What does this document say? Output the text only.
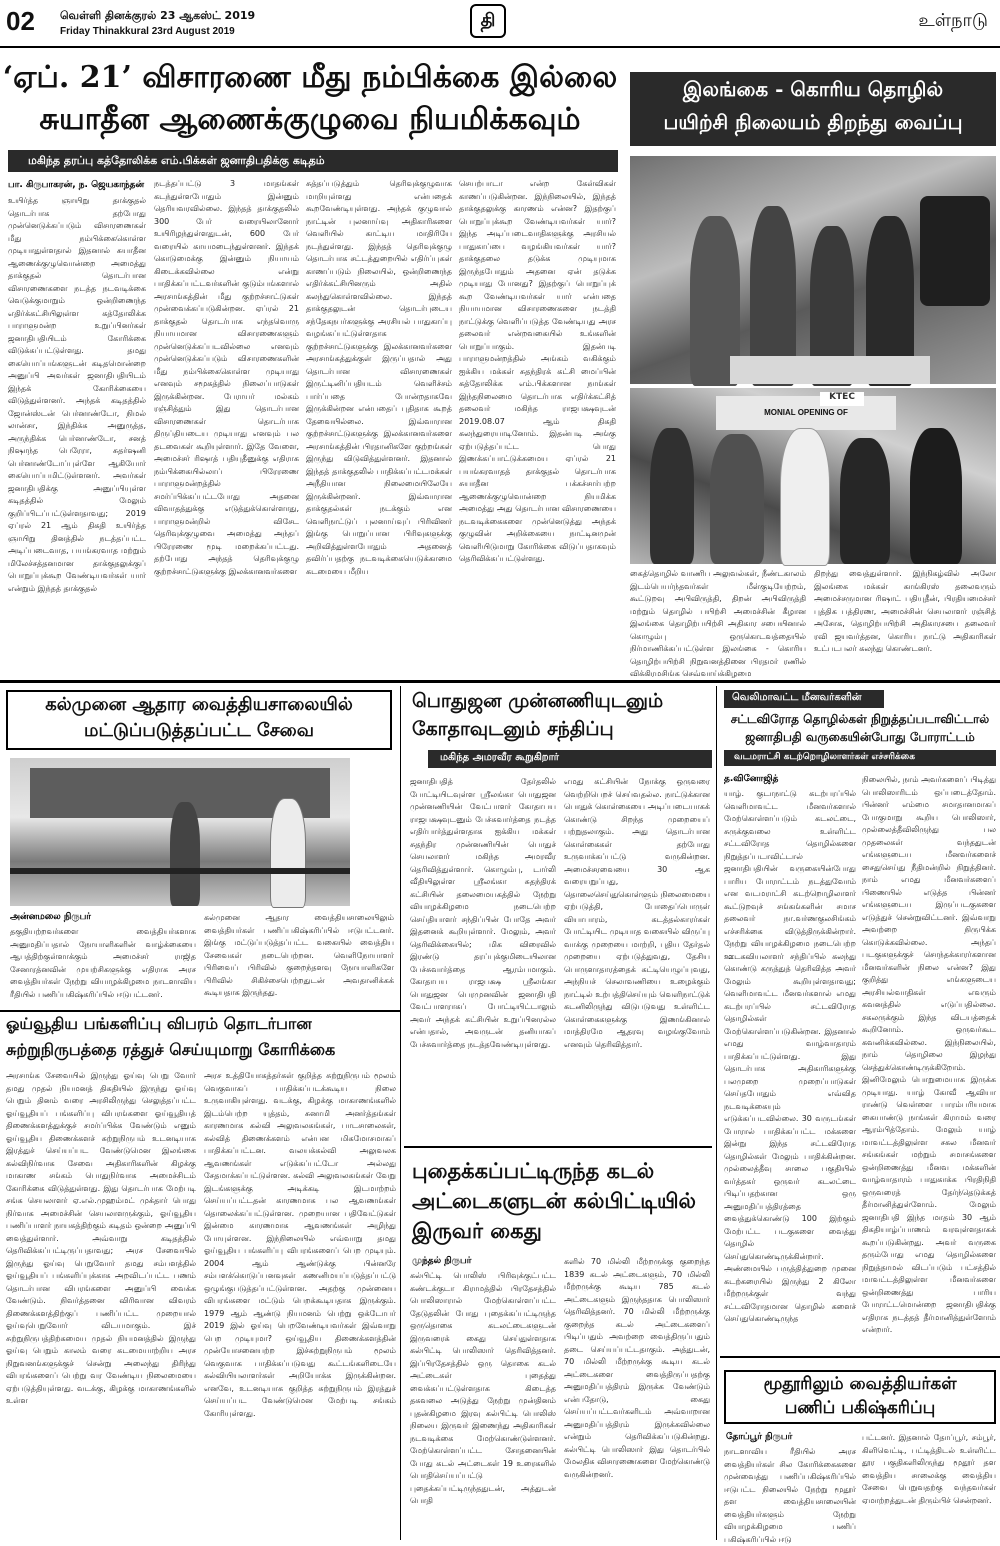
02 வெள்ளி தினக்குரல் 23 ஆகஸ்ட் 2019
Friday Thinakkural 23rd August 2019
தி	உள்நாடு
‘ஏப். 21’ விசாரணை மீது நம்பிக்கை இல்லை
சுயாதீன ஆணைக்குழுவை நியமிக்கவும்
மகிந்த தரப்பு கத்தோலிக்க எம்.பிக்கள் ஜனாதிபதிக்கு கடிதம்
பா. கிருபாகரன், ந. ஜெயகாந்தன்
உயிர்த்த ஞாயிறு தாக்குதல் தொடர்பாக தற்போது முன்னெடுக்கப்படும் விசாரணைகள் மீது நம்பிக்கைகொள்ள முடியாதுள்ளதால் இதனால் சுயாதீன ஆணைக்குழுவொன்றை அமைத்து தாக்குதல் தொடர்பான விசாரணைகளை நடத்த நடவடிக்கை வெடுக்குமாறும் ஒன்றிணைந்த எதிர்க்கட்சியிலுள்ள கத்தோலிக்க பாராளுமன்ற உறுப்பினர்கள் ஜனாதிபதியிடம் கோரிக்கை விடுக்கப்பட்டுள்ளது. தமது கையொப்பங்களுடன் கடிதமொன்றை அனுப்பி அவர்கள் ஜனாதிபதியிடம் இந்தக் கோரிக்கையை விடுத்துள்ளனர். அந்தக் கடிதத்தில் ஜோன்ஸ்டன் பெர்னாண்டோ, நிமல் லான்சா, இந்திக்க அனுருத்த, அருந்திக்க பெர்னாண்டோ, சனத் நிஷாந்த பெரேரா, சுதர்ஷனி பெர்னாண்டோப்புள்ளே ஆகியோர் கையொப்பமிட்டுள்ளனர். அவர்கள் ஜனாதிபதிக்கு அனுப்பியுள்ள கடிதத்தில் மேலும் குறிப்பிடப்பட்டுள்ளதாவது; 2019 ஏப்ரல் 21 ஆம் திகதி உயிர்த்த ஞாயிறு தினத்தில் நடத்தப்பட்ட அடிப்படைவாத, பயங்கரவாத மற்றும் மிலேச்சத்தனமான தாக்குதலுக்குப் பொறுப்புக்கூற வேண்டியவர்கள் யார் என்றும் இந்தத் தாக்குதல்
நடத்தப்பட்டு 3 மாதங்கள் கடந்துள்ளபோதும் இன்னும் தெரியவரவில்லை. இந்தத் தாக்குதலில் 300 பேர் வரையிலானோர் உயிரிழந்துள்ளதுடன், 600 பேர் வரையில் காயமடைந்துள்ளனர். இந்தக் கொடுமைக்கு இன்னும் நியாயம் கிடைக்கவில்லை என்று பாதிக்கப்பட்டவர்களின் குடும்பங்களால் அரசாங்கத்தின் மீது குற்றச்சாட்டுகள் முன்வைக்கப்படுகின்றன. ஏப்ரல் 21 தாக்குதல் தொடர்பாக எந்தவொரு நியாயமான விசாரணைகளும் முன்னெடுக்கப்படவில்லை எனவும் முன்னெடுக்கப்படும் விசாரணைகளின் மீது நம்பிக்கைகொள்ள முடியாது எனவும் சமூகத்தில் நிலைப்பாடுகள் இருக்கின்றன. பேராயர் மல்கம் ரஞ்சித்தும் இது தொடர்பான விசாரணைகள் தொடர்பாக திருப்தியடைய முடியாது எனவும் பல தடவைகள் கூறியுள்ளார். இதே வேளை, அமைச்சர் ரிஷாத் பதியுதீனுக்கு எதிராக நம்பிக்கையில்லாப் பிரேரணை பாராளுமன்றத்தில் சமர்ப்பிக்கப்பட்டபோது அதனை விவாதத்துக்கு எடுத்துக்கொள்ளாது, பாராளுமன்றில் விசேட தெரிவுக்குழுவை அமைத்து அந்தப் பிரேரணை மூடி மறைக்கப்பட்டது. தற்போது அந்தத் தெரிவுக்குழு குற்றச்சாட்டுகளுக்கு இலக்கானவர்களை
சுத்தப்படுத்தும் தெரிவுக்குழுவாக மாறியுள்ளது என்பதைக் கூறவேண்டியுள்ளது. அந்தக் குழுவால் நாட்டின் புலனாய்வு அதிகாரிகளை வெளியில் காட்டிய மாதிரியே நடந்துள்ளது. இந்தத் தெரிவுக்குழு தொடர்பாக சட்டத்துறையில் எதிர்ப்புகள் காணப்படும் நிலையில், ஒன்றிணைந்த எதிர்க்கட்சியினரும் அதில் கலந்துகொள்ளவில்லை. இந்தத் தாக்குதலுடன் தொடர்புடைய சந்தேகநபர்களுக்கு அரசியல் பாதுகாப்பு வழங்கப்பட்டுள்ளதாக குற்றச்சாட்டுகளுக்கு இலக்கானவர்களை அரசாங்கத்துக்குள் இருப்பதால் அது தொடர்பான விசாரணைகள் இருட்டினிப்பதியடம் வெளிச்சம் பார்ப்பதை போன்றதாகவே இருக்கின்றன என்பதைப் புதிதாக கூறத் தேவையில்லை. இவ்வாரான குற்றச்சாட்டுகளுக்கு இலக்கானவர்களை அரசாங்கத்தின் பிரதானிகளே குற்றங்கள் இருந்து விடுவித்துள்ளனர். இதனால் இந்தத் தாக்குதலில் பாதிக்கப்பட்டமக்கள் அநீதியான நிலைமையிலேயே இருக்கின்றனர். இவ்வாரான தாக்குதல்கள் நடக்கும் என வெளிநாட்டுப் புலனாய்வுப் பிரிவினர் இங்கு பொறுப்பான பிரிவுகளுக்கு அறிவித்துள்ளபோதும் அதனைத் தவிர்ப்பதற்கு நடவடிக்கையெடுக்காமை கடமையை மீறிய
செயற்பாடா என்ற கேள்விகள் காணப்படுகின்றன. இந்நிலையில், இந்தத் தாக்குதலுக்கு காரணம் என்ன? இதற்குப் பொறுப்புக்கூற வேண்டியவர்கள் யார்? இந்த அடிப்படைவாதிகளுக்கு அரசியல் பாதுகாப்பை வழங்கியவர்கள் யார்? தாக்குதலை தடுக்க முடியுமாக இருந்தபோதும் அதனை ஏன் தடுக்க முடியாது போனது? இதற்குப் பொறுப்புக் கூற வேண்டியவர்கள் யார் என்பதை நியாயமான விசாரணைகளை நடத்தி நாட்டுக்கு வெளிப்படுத்த வேண்டியது அரச தலைவர் என்றவகையில் உங்களின் பொறுப்பாகும். இதன்படி பாராளுமன்றத்தில் அங்கம் வகிக்கும் ஐக்கிய மக்கள் சுதந்திரக் கட்சி மைப்பின் கத்தோலிக்க எம்.பிக்களான நாங்கள் இந்தநிலைமை தொடர்பாக எதிர்க்கட்சித் தலைவர் மகிந்த ராஜபக்ஷவுடன் 2019.08.07 ஆம் திகதி கலந்துரையாடினோம். இதன்படி அங்கு ஏற்படுத்தப்பட்ட பொது இணக்கப்பாட்டுக்கமைய ஏப்ரல் 21 பயங்கரவாதத் தாக்குதல் தொடர்பாக சுயாதீன பக்கச்சார்பற்ற ஆணைக்குழுவொன்றை நியமிக்க அமைத்து அது தொடர்பான விசாரணையை நடவடிக்கைகளை முன்னெடுத்து அந்தக் குழுவின் அறிக்கையை நாட்டினமுன் வெளியிடுமாறு கோரிக்கை விடுப்பதாகவும் தெரிவிக்கப்பட்டுள்ளது.
இலங்கை - கொரிய தொழில்
பயிற்சி நிலையம் திறந்து வைப்பு
MONIAL OPENING OF
KTEC
கைத்தொழில் வாணிப அலுவல்கள், நீண்டகாலம் இடம்பெயர்ந்தவர்கள் மீள்குடியேற்றம், கூட்டுறவு அபிவிருத்தி, திறன் அபிவிருத்தி மற்றும் தொழில் பயிற்சி அமைச்சின் கீழான இலங்கை தொழிற்பயிற்சி அதிகார சபையினால் கொழும்பு ஒருகொடவத்தையில் நிர்மாணிக்கப்பட்டுள்ள இலங்கை - கொரிய தொழிற்பயிற்சி நிறுவனத்தினை பிரதமர் ரணில் விக்கிரமசிங்க செவ்வாய்க்கிழமை
திறந்து வைத்துள்ளார். இந்நிகழ்வில் அலோ இலங்கை மக்கள் காங்கிரஸ் தலைவரும் அமைச்சருமான ரிஷாட் பதியுதீன், பிரதியமைச்சர் புத்திக பத்திரண, அமைச்சின் செயலாளர் ரஞ்சித் அசோக, தொழிற்பயிற்சி அதிகாரசபை தலைவர் ரவி ஜயவர்த்தன, கொரிய நாட்டு அதிகாரிகள் உட்படபலர் கலந்து கொண்டனர்.
கல்முனை ஆதார வைத்தியசாலையில்
மட்டுப்படுத்தப்பட்ட சேவை
அன்னமலை நிருபர்
தகுதியற்றவர்களை வைத்தியர்களாக அனுமதிப்பதால் நோயாளிகளின் வாழ்க்கையை ஆபத்திற்குள்ளாக்கும் அமைச்சர் ராஜித சேனாரத்னவின் முயற்சிகளுக்கு எதிராக அரச வைத்தியர்கள் நேற்று வியாழக்கிழமை நாடளாவிய ரீதியில் பணிப்பகிஷ்கரிப்பில் ஈடுபட்டனர்.
கல்முனை ஆதார வைத்தியசாலையிலும் வைத்தியர்கள் பணிப்பகிஷ்கரிப்பில் ஈடுபட்டனர். இங்கு மட்டுப்படுத்தப்பட்ட வகையில் வைத்திய சேவைகள் நடைபெற்றன. வெளிநோயாளர் பிரிவைப் பிரிவில் குறைந்தளவு நோயாளிகளே பிரிவில் சிகிச்சைபெற்றதுடன் அவதானிக்கக் கூடியதாக இருந்தது.
ஓய்வூதிய பங்களிப்பு விபரம் தொடர்பான
சுற்றுநிருபத்தை ரத்துச் செய்யுமாறு கோரிக்கை
அரசாங்க சேவையில் இருந்து ஓய்வு பெறு வோர் தமது முதல் நியமனத் திகதியில் இருந்து ஓய்வு பெறும் தினம் வரை அரசிலிருந்து செலுத்தப்பட்ட ஓய்வூதியப் பங்களிப்பு விபரங்களை ஓய்வூதியத் திணைக்களத்துக்குச் சமர்ப்பிக்க வேண்டும் எனும் ஓய்வூதிய திணைக்களச் சுற்றுநிருபம் உடனடியாக இரத்துச் செய்யப்பட வேண்டுமென இலங்கை கல்விநிர்வாக சேவை அதிகாரிகளின் கிழக்கு மாகாண சங்கம் பொதுநிர்வாக அமைச்சிடம் கோரிக்கை விடுத்துள்ளது. இது தொடர்பாக மேற்படி சங்க செயலாளர் ஏ.எல்.முஹம்மட் முக்தார் பொது நிர்வாக அமைச்சின் செயலாளருக்கும், ஓய்வூதிய பணிப்பாளர் நாயகத்திற்கும் கடிதம் ஒன்றை அனுப்பி வைத்துள்ளார். அவ்வாறு கடிதத்தில் தெரிவிக்கப்பட்டிருப்பதாவது; அரச சேவையில் இருந்து ஓய்வு பெறுவோர் தமது சம்பளத்தில் ஓய்வூதியப் பங்களிப்புக்காக அறவிடப்பட்ட பணம் தொடர்பான விபரங்களை அனுப்பி வைக்க வேண்டும். நிவர்த்தனை விரிவான விவரம் திணைக்களத்திற்குப் பணிப்பட்ட முறையால் ஓய்வுபெறுவோர் விடயமாகும். இச் சுற்றுநிருபத்திற்கமைய முதல் நியமனத்தில் இருந்து ஓய்வு பெறும் காலம் வரை கடமையாற்றிய அரச நிறுவனங்களுக்குச் சென்று அலைந்து திரிந்து விபரங்களைப் பெற்று வர வேண்டிய நிலைமையை ஏற்படுத்தியுள்ளது. வடக்கு, கிழக்கு மாகாணங்களில் உள்ள
அரச உத்தியோகத்தர்கள் குறித்த சுற்றுநிருபம் மூலம் வெகுவாகப் பாதிக்கப்படக்கூடிய நிலை உருவாகியுள்ளது. வடக்கு, கிழக்கு மாகாணங்களில் இடம்பெற்ற யுத்தம், சுனாமி அனர்த்தங்கள் காரணமாக கல்வி அலுவலகங்கள், பாடசாலைகள், கல்வித் திணைக்களம் என்பன மிகமோசமாகப் பாதிக்கப்பட்டன. வலயக்கல்வி அலுவலக ஆவணங்கள் எடுக்கப்பட்டோ அல்லது சேதமாக்கப்பட்டுள்ளன. கல்வி அலுவலகங்கள் வேறு இடங்களுக்கு அடிக்கடி இடமாற்றம் செய்யப்பட்டதன் காரணமாக பல ஆவணங்கள் தொலைக்கப்பட்டுள்ளன. முறையான பதிவேட்டுகள் இன்மை காரணமாக ஆவணங்கள் அழிந்து போயுள்ளன. இந்நிலையில் எவ்வாறு தமது ஓய்வூதிய பங்களிப்பு விபரங்களைப் பெற முடியும். 2004 ஆம் ஆண்டுக்கு பின்னரே சம்பளக்கொடுப்பனவுகள் கணனிமயப்படுத்தப்பட்டு ஒழுங்குபடுத்தப்பட்டுள்ளன. அதற்கு முன்னைய விபரங்களை மட்டும் பெறக்கூடியதாக இருக்கும். 1979 ஆம் ஆண்டு நியமனம் பெற்று ஒக்டோபர் 2019 இல் ஓய்வு பெறவேண்டியவர்கள் இவ்வாறு பெற முடியுமா? ஒய்வூதிய திணைக்களத்தின் முன்யோசனையற்ற இச்சுற்றுநிருபம் மூலம் வெகுவாக பாதிக்கப்படுவது கூட்டங்களிடையே கல்வியியலாளர்கள் அறியோக்க இருக்கின்றன. எனவே, உடனடியாக குறித்த சுற்றுநிருபம் இரத்துச் செய்யப்பட வேண்டுமென மேற்படி சங்கம் கோரியுள்ளது.
பொதுஜன முன்னணியுடனும்
கோதாவுடனும் சந்திப்பு
மகிந்த அமரவீர கூறுகிறார்
ஜனாதிபதித் தேர்தலில் போட்டியிடவுள்ள ஸ்ரீலங்கா பொதுஜன முன்னணியின் வேட்பாளர் கோதாபய ராஜபக்ஷவுடனும் பேச்சுவார்த்தை நடத்த எதிர்பார்த்துள்ளதாக ஐக்கிய மக்கள் சுதந்திர முன்னணியின் பொதுச் செயலாளர் மகிந்த அமரவீர தெரிவித்துள்ளார். கொழும்பு, டார்லி வீதியிலுள்ள ஸ்ரீலங்கா சுதந்திரக் கட்சியின் தலைமையகத்தில் நேற்று வியாழக்கிழமை நடைபெற்ற செய்தியாளர் சந்திப்பின் போதே அவர் இதனைக் கூறியுள்ளார். மேலும், அவர் தெரிவிக்கையில்; மிக விரைவில் இரண்டு தரப்புக்குமிடையிலான பேச்சுவார்த்தை ஆரம்பமாகும். கோதாபய ராஜபக்ஷ ஸ்ரீலங்கா பொதுஜன பெரமுனவின் ஜனாதிபதி வேட்பாளராகப் போட்டியிட்டாலும் அவர் அந்தக் கட்சியின் உறுப்பினரல்ல என்பதால், அவருடன் தனியாகப் பேச்சுவார்த்தை நடத்தவேண்டியுள்ளது.
எமது கட்சியின் நோக்கு ஒருவரை வெற்றிபெறச் செய்வதல்ல. நாட்டுக்கான பொதுக் கொள்கையை அடிப்படையாகக் கொண்டு சிறந்த முறையைப் பற்றுதலாகும். அது தொடர்பான கொள்கைகள் தற்போது உருவாக்கப்பட்டு வருகின்றன. அமைச்சரவையை 30 ஆக வரையறுப்பது, தொலைசெய்துகொள்ளும் நிலைமையை ஏற்படுத்தி, போதைப்பொருள் வியாபாரம், கடத்தல்காரர்கள் போட்டியிட முடியாத வகையில் விருப்பு வாக்கு முறையை மாற்றி, புதிய தேர்தல் முறையை ஏற்படுத்துவது, தேசிய பொருளாதாரத்தைக் கட்டியெழுப்புவது, அந்நியச் செலாவணியை உழைக்கும் நாட்டில் உற்பத்திசெய்யும் வெளிநாட்டுக் கடனிலிருந்து விடுபடுவது உள்ளிட்ட கொள்கைகளுக்கு இணங்கினால் மாத்திரமே ஆதரவு வழங்குவோம் எனவும் தெரிவித்தார்.
புதைக்கப்பட்டிருந்த கடல்
அட்டைகளுடன் கல்பிட்டியில்
இருவர் கைது
முந்தல் நிருபர்
கல்பிட்டி பொலிஸ் பிரிவுக்குட்பட்ட கண்டக்குடா கிராமத்தில் பிரதேசத்தில் பொலிஸாரால் மேற்கொள்ளப்பட்ட தேடுதலின் போது புதைக்கப்பட்டிருந்த ஒருதொகை கடலட்டைகளுடன் இருவரைக் கைது செய்துள்ளதாக கல்பிட்டி பொலிஸார் தெரிவித்தனர். இப்பிரதேசத்தில் ஒரு தொகை கடல் அட்டைகள் புதைத்து வைக்கப்பட்டுள்ளதாக கிடைத்த தகவலை அடுத்து நேற்று முன்தினம் புதன்கிழமை இரவு கல்பிட்டி பொலிஸ் நிலைய இருவர் இணைந்து அதிகாரிகள் நடவடிக்கை மேற்கொண்டுள்ளனர். மேற்கொள்ளப்பட்ட சோதனையின் போது கடல் அட்டைகள் 19 உரைகளில் பொதிசெய்யப்பட்டு புதைக்கப்பட்டிருந்ததுடன், அத்துடன் பொதி
களில் 70 மில்லி மீற்றருக்கு குறைந்த 1839 கடல் அட்டைகளும், 70 மில்லி மீற்றருக்கு கூடிய 785 கடல் அட்டைகளும் இருந்ததாக பொலிஸார் தெரிவித்தனர். 70 மில்லி மீற்றருக்கு குறைந்த கடல் அட்டைகளைப் பிடிப்பதும் அவற்றை வைத்திருப்பதும் தடை செய்யப்பட்டதாகும். அத்துடன், 70 மில்லி மீற்றருக்கு கூடிய கடல் அட்டைகளை வைத்திருப்பதற்கு அனுமதிப்பத்திரம் இருக்க வேண்டும் என்பதோடு, கைது செய்யப்பட்டவர்களிடம் அவ்வாறான அனுமதிப்பத்திரம் இருக்கவில்லை என்றும் தெரிவிக்கப்படுகின்றது. கல்பிட்டி பொலிஸார் இது தொடர்பில் மேலதிக விசாரணைகளை மேற்கொண்டு வருகின்றனர்.
வெலிமாவட்ட மீனவர்களின்
சட்டவிரோத தொழில்கள் நிறுத்தப்படாவிட்டால்
ஜனாதிபதி வருகையின்போது போராட்டம்
வடமராட்சி கடற்றொழிலாளர்கள் எச்சரிக்கை
த.வினோஜித்
யாழ். குடாநாட்டு கடற்பரப்பில் வெளிமாவட்ட மீனவர்களால் மேற்கொள்ளப்படும் கடலட்டை, சுருக்குவலை உள்ளிட்ட சட்டவிரோத தொழில்களை நிறுத்தப்படாவிட்டால் ஜனாதிபதியின் வருகையின்போது பாரிய போராட்டம் நடத்துவோம் என வடமராட்சி கடற்றொழிலாளர் கூட்டுறவுச் சங்கங்களின் சமாச தலைவர் நா.வர்ணகுலசிங்கம் எச்சரிக்கை விடுத்திருக்கின்றார். நேற்று வியாழக்கிழமை நடைபெற்ற ஊடகவியலாளர் சந்திப்பில் கலந்து கொண்டு கருத்துத் தெரிவித்த அவர் மேலும் கூறியுள்ளதாவது; வெளிமாவட்ட மீனவர்களால் எமது கடற்பரப்பில் சட்டவிரோத தொழில்கள் மேற்கொள்ளப்படுகின்றன. இதனால் எமது வாழ்வாதாரம் பாதிக்கப்பட்டுள்ளது. இது தொடர்பாக அதிகாரிகளுக்கு பலமுறை முறைப்பாடுகள் செய்தபோதும் எவ்வித நடவடிக்கையும் எடுக்கப்படவில்லை. 30 வருடங்கள் போரால் பாதிக்கப்பட்ட மக்களை இன்று இந்த சட்டவிரோத தொழில்கள் மேலும் பாதிக்கின்றன. முல்லைத்தீவு சாலை பகுதியில் வர்த்தகர் ஒருவர் கடலட்டை பிடிப்பதற்கான ஒரு அனுமதிப்பத்திரத்தை வைத்துக்கொண்டு 100 இற்கும் மேற்பட்ட படகுகளை வைத்து தொழில் செய்துகொண்டிருக்கின்றார். அண்மையில் பருத்தித்துறை முனை கடற்கரையில் இருந்து 2 கிலோ மீற்றருக்குள் வந்து சட்டவிரோதமான தொழில் களைச் செய்துகொண்டிருந்த
நிலையில், நாம் அவர்களைப் பிடித்து பொலிஸாரிடம் ஒப்படைத்தோம். பின்னர் எம்மை சமாதானமாகப் போகுமாறு கூறிய பொலிஸார், முல்லைத்தீவிலிருந்து பல முதலைகள் வந்ததுடன் எங்களுடைய மீனவர்களைச் சைதுசெய்து நீதிமன்றில் நிறுத்தினர். நாம் எமது மீனவர்களைப் பிணையில் எடுத்த பின்னர் எங்களுடைய இருப்படகுகளை எடுத்துச் சென்றுவிட்டனர். இவ்வாறு அவற்றை நிருபிக்க கொடுக்கவில்லை. அந்தப் படகுகளுக்குச் சொந்தக்காரர்களான மீனவர்களின் நிலை என்ன? இது குறித்து எங்களுடைய அரசியல்வாதிகள் எவரும் கவனத்தில் எடுப்பதில்லை. சகலருக்கும் இந்த விடயத்தைக் கூறினோம். ஒருவர்கூட கவனிக்கவில்லை. இந்நிலையில், நாம் தொழிலை இழந்து செத்துக்கொண்டிருக்கிறோம். இனிமேலும் பொறுமையாக இருக்க முடியாது. யாழ் கோவீ ஆவியா ராண்டு வெள்ளை பாரம்பரியமாக கையாண்டு நாங்கள் கிராமம் வரை ஆரம்பித்தோம். மேலும் யாழ் மாவட்டத்திலுள்ள சகல மீனவர் சங்கங்கள் மற்றும் சமாசங்களை ஒன்றிணைத்து மீனவ மக்களின் வாழ்வாதாரம் பாதுகாக்க பிரதிநிதி ஒருவரைத் தேர்ந்தெடுக்கத் தீர்மானித்துள்ளோம். மேலும் ஜனாதிபதி இந்த மாதம் 30 ஆம் திகதியாழ்ப்பாணம் வரவுள்ளதாகக் கூறப்படுகின்றது. அவர் வருகை தரும்போது எமது தொழில்களை நிறுத்தாமல் விடப்படும் பட்சத்தில் மாவட்டத்திலுள்ள மீனவர்களை ஒன்றிணைத்து பாரிய போராட்டமொன்றை ஜனாதிபதிக்கு எதிராக நடத்தத் தீர்மானித்துள்ளோம் என்றார்.
மூதூரிலும் வைத்தியர்கள்
பணிப் பகிஷ்கரிப்பு
தோப்பூர் நிருபர்
நாடளாவிய ரீதியில் அரச வைத்தியர்கள் சில கோரிக்கைகளை முன்வைத்து பணிப்பகிஷ்கரிப்பில் ஈடுபட்ட நிலையில் நேற்று மூதூர் தள வைத்தியசாலையின் வைத்தியர்களும் நேற்று வியாழக்கிழமை பணிப் பகிஷ்கரிப்பில் ஈடு
பட்டனர். இதனால் தோப்பூர், சம்பூர், கிளிவெட்டி, பட்டித்திடல் உள்ளிட்ட தூர பகுதிகளிலிருந்து மூதூர் தள வைத்திய சாலைக்கு வைத்திய சேவை பெறுவதற்கு வந்தவர்கள் ஏமாற்றத்துடன் திரும்பிச் சென்றனர்.
